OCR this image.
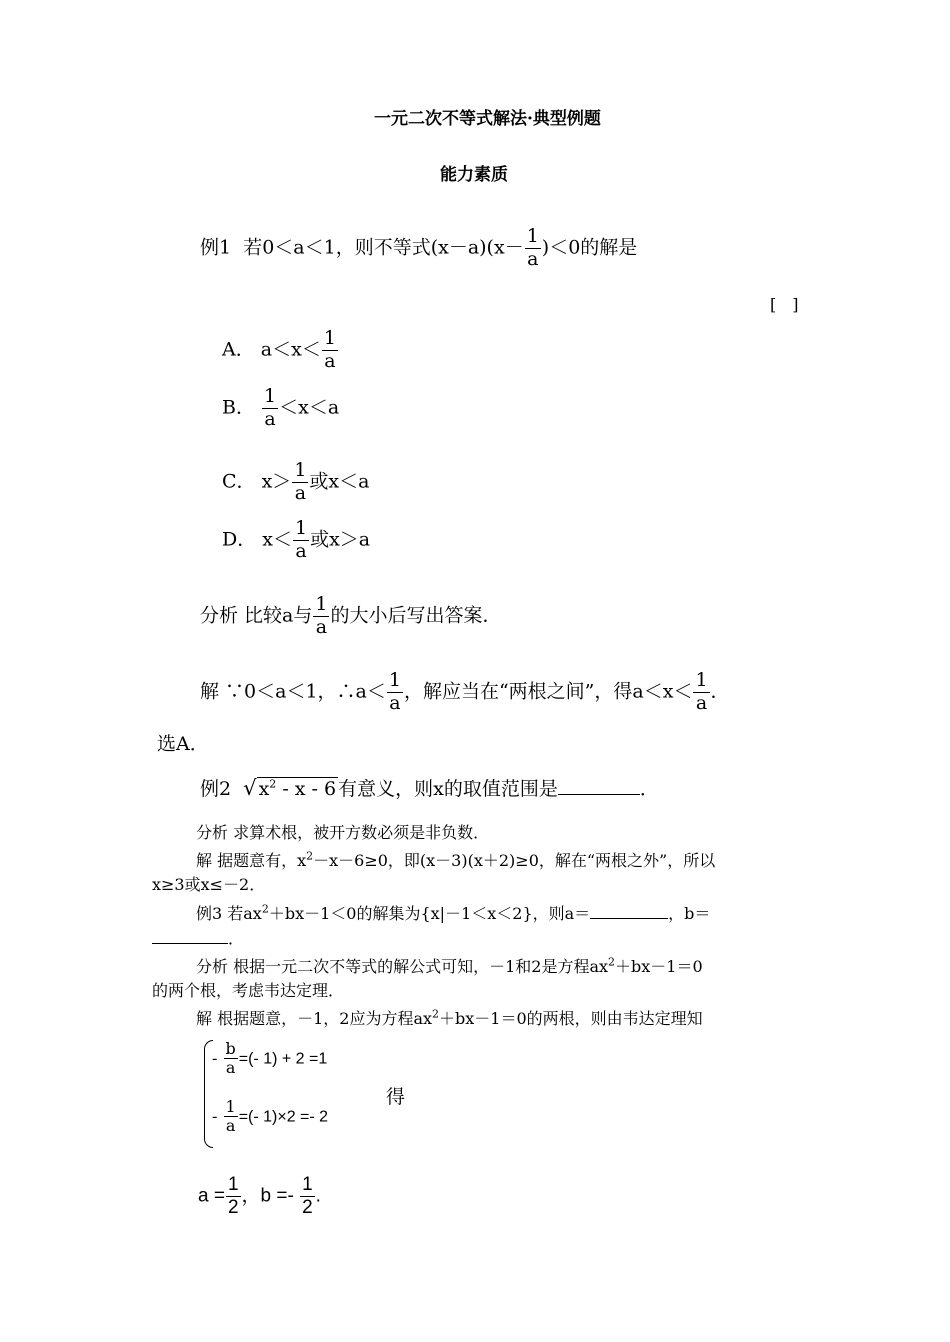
一元二次不等式解法·典型例题
能力素质
例1 若0＜a＜1，则不等式$(x-a)(x- \frac{1}{a} )<0$的解是
[　]
A． $a<x< \frac{1}{a}$
B． $\frac{1}{a} <x<a$
C． $x> \frac{1}{a}$ 或x＜a
D． $x< \frac{1}{a}$ 或x＞a
分析 比较a与 $\frac{1}{a}$ 的大小后写出答案．
解 ∵0＜a＜1，∴a＜ $\frac{1}{a}$ ，解应当在“两根之间”，得$a<x< \frac{1}{a}$ ．
选A．
例2 √ $x^2$ - x - 6 有意义，则x的取值范围是	．
分析 求算术根，被开方数必须是非负数．
解 据题意有，$x^2-x-6\ge 0$，即(x－3)(x＋2)≥0，解在“两根之外”，所以
x≥3或x≤－2．
例3 若$ax^2+bx-1<0$的解集为{x|－1＜x＜2}，则a＝	，b＝
．
分析 根据一元二次不等式的解公式可知，－1和2是方程$ax^2+bx-1=0$
的两个根，考虑韦达定理．
解 根据题意，－1，2应为方程$ax^2+bx-1=0$的两根，则由韦达定理知
- $\frac{b}{a}$ =(- 1) + 2 =1
- $\frac{1}{a}$ =(- 1)×2 =- 2
得
$a = \frac{1}{2}$ ，$b =- \frac{1}{2}$ .
